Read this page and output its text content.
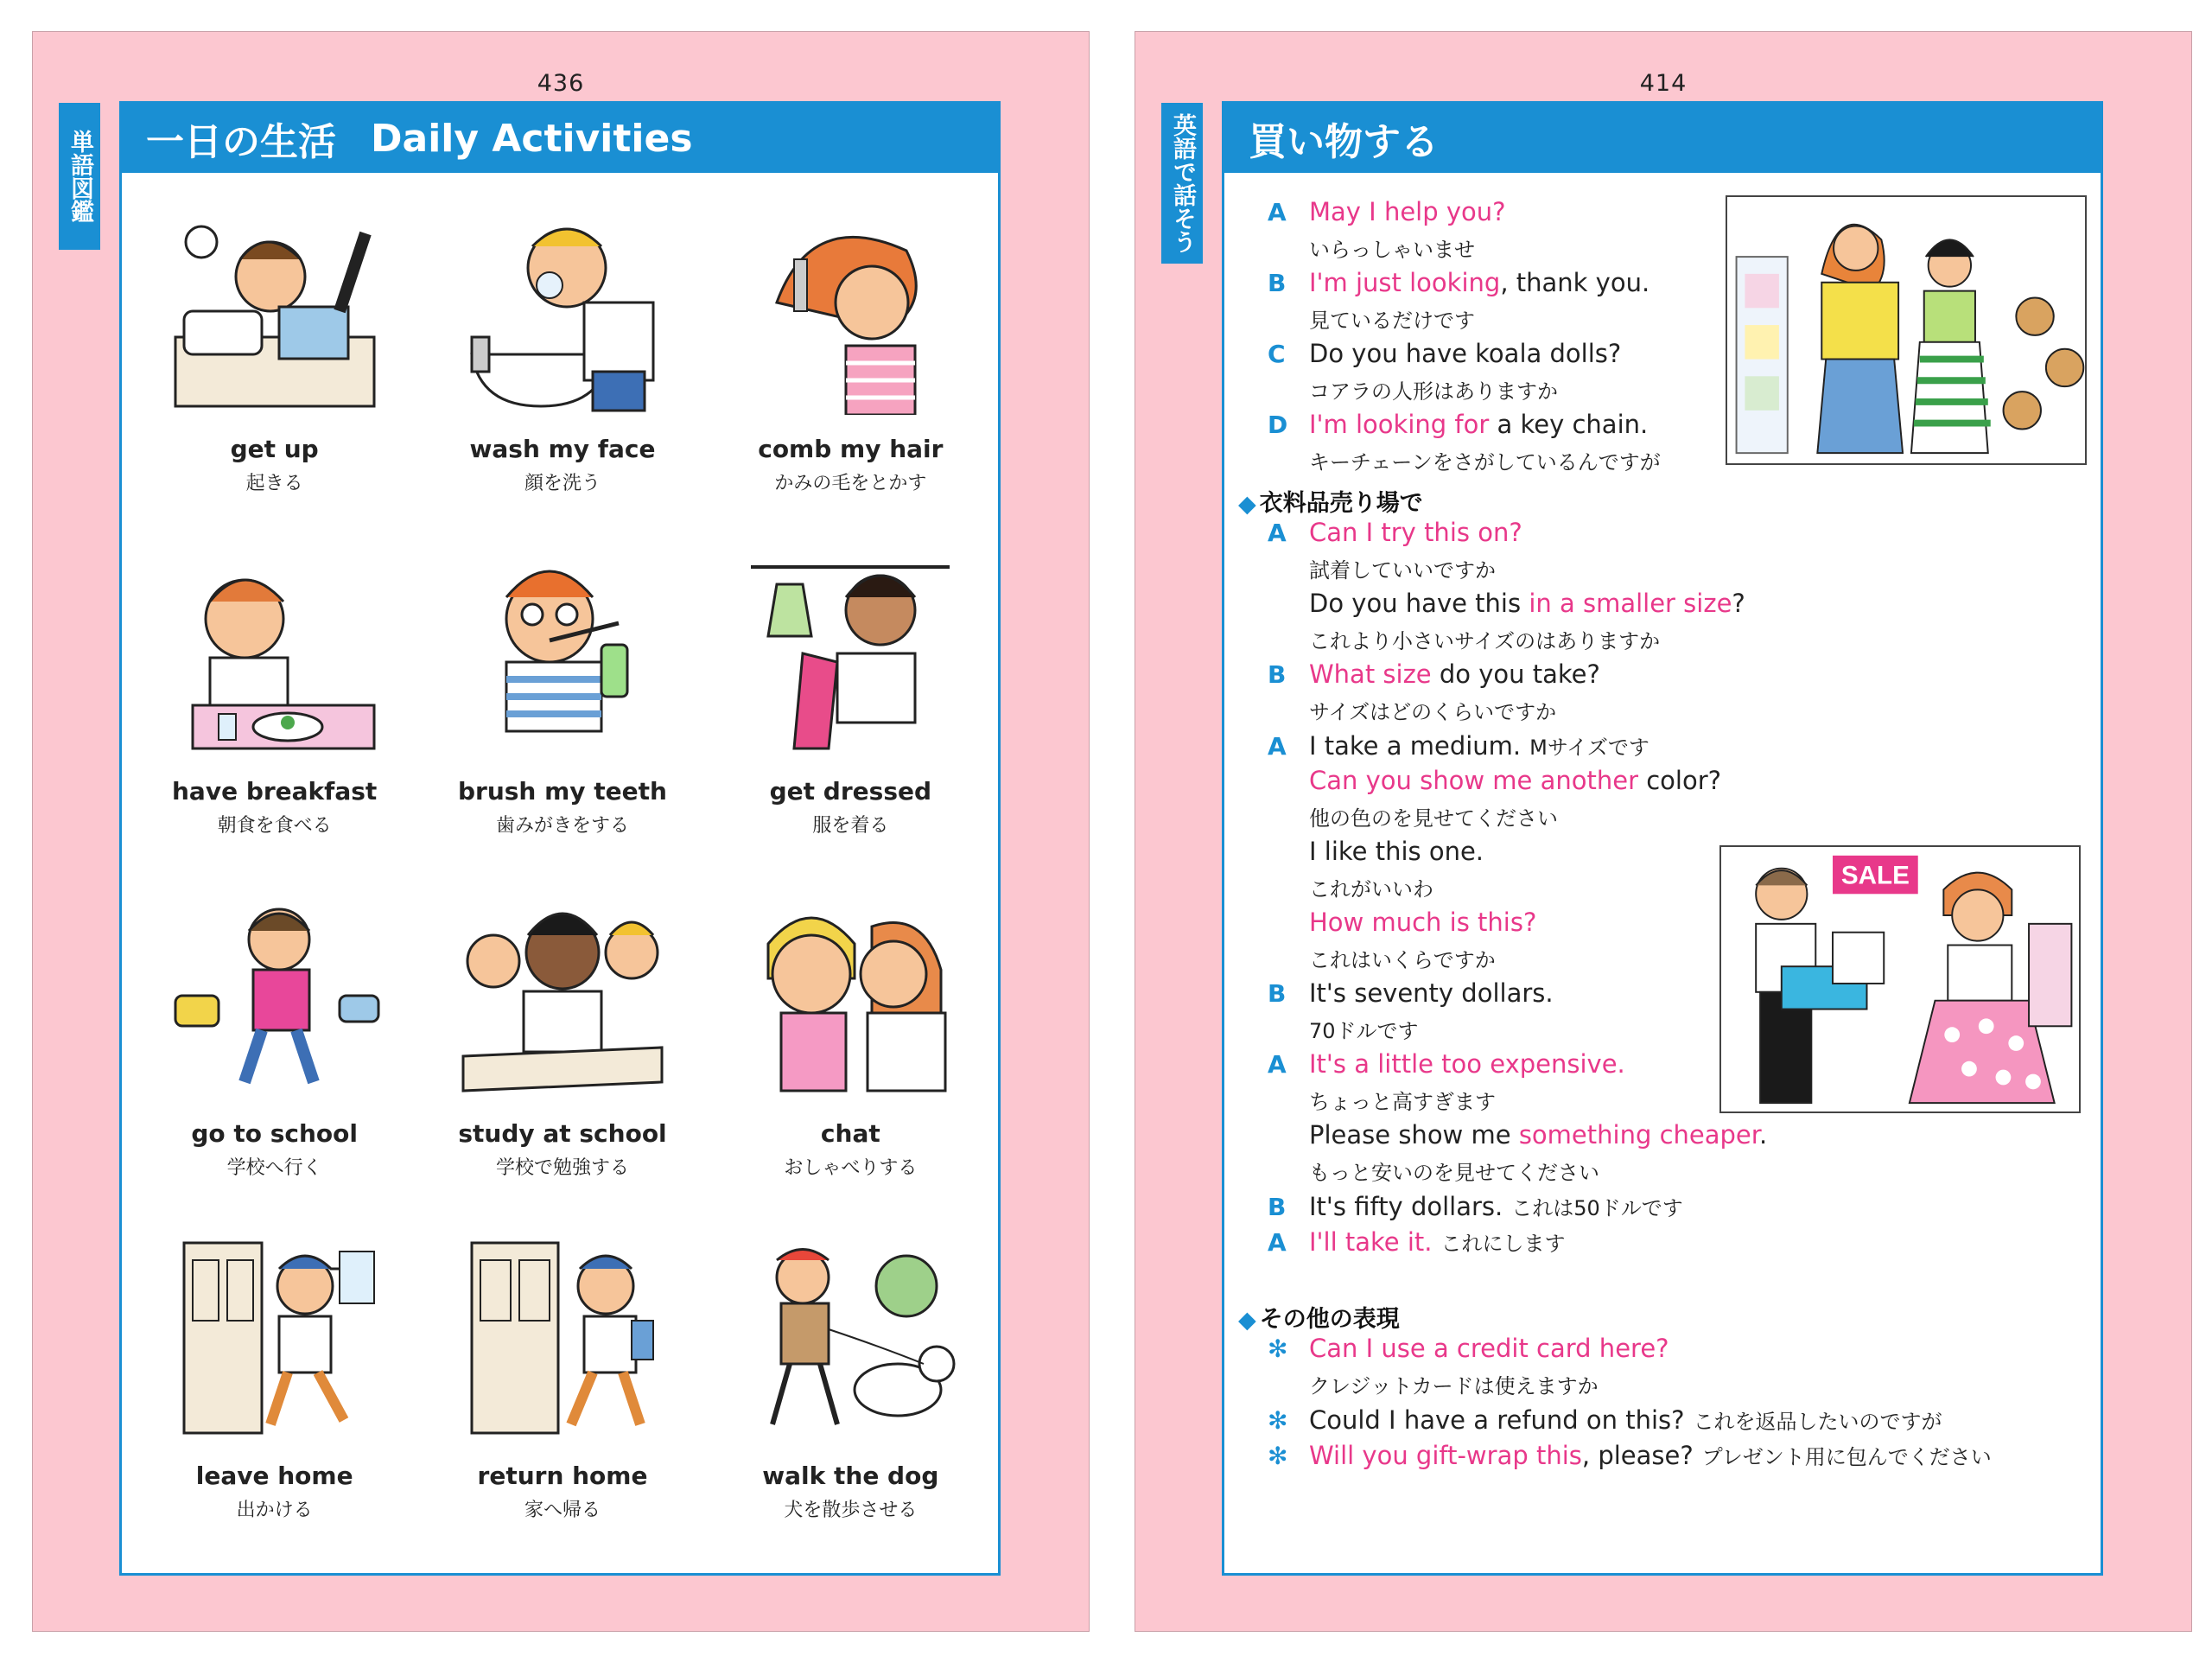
436
単語図鑑 一日の生活 Daily Activities
get up
起きる
wash my face
顔を洗う
comb my hair
かみの毛をとかす
have breakfast
朝食を食べる
brush my teeth
歯みがきをする
get dressed
服を着る
go to school
学校へ行く
study at school
学校で勉強する
chat
おしゃべりする
leave home
出かける
return home
家へ帰る
walk the dog
犬を散歩させる
414
英語で話そう 買い物する
A May I help you?
いらっしゃいませ
B I'm just looking, thank you.
見ているだけです
C Do you have koala dolls?
コアラの人形はありますか
D I'm looking for a key chain.
キーチェーンをさがしているんですが
◆ 衣料品売り場で
A Can I try this on?
試着していいですか
Do you have this in a smaller size?
これより小さいサイズのはありますか
B What size do you take?
サイズはどのくらいですか
A I take a medium. Mサイズです
Can you show me another color?
他の色のを見せてください
I like this one.
これがいいわ
How much is this?
これはいくらですか
B It's seventy dollars.
70ドルです
A It's a little too expensive.
ちょっと高すぎます
Please show me something cheaper.
もっと安いのを見せてください
B It's fifty dollars. これは50ドルです
A I'll take it. これにします
◆ その他の表現
✻ Can I use a credit card here?
クレジットカードは使えますか
✻ Could I have a refund on this? これを返品したいのですが
✻ Will you gift-wrap this, please? プレゼント用に包んでください
SALE
